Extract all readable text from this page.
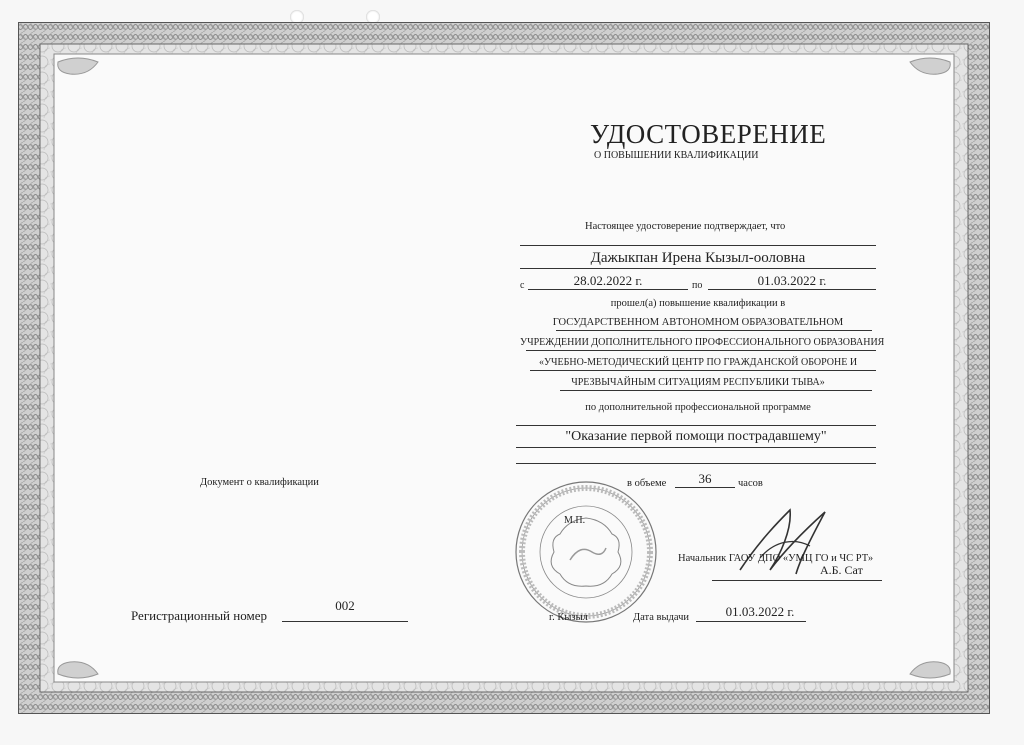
УДОСТОВЕРЕНИЕ
О ПОВЫШЕНИИ КВАЛИФИКАЦИИ
Настоящее удостоверение подтверждает, что
Дажыкпан Ирена Кызыл-ооловна
с	28.02.2022 г.	по	01.03.2022 г.
прошел(а) повышение квалификации в
ГОСУДАРСТВЕННОМ АВТОНОМНОМ ОБРАЗОВАТЕЛЬНОМ
УЧРЕЖДЕНИИ ДОПОЛНИТЕЛЬНОГО ПРОФЕССИОНАЛЬНОГО ОБРАЗОВАНИЯ
«УЧЕБНО-МЕТОДИЧЕСКИЙ ЦЕНТР ПО ГРАЖДАНСКОЙ ОБОРОНЕ И
ЧРЕЗВЫЧАЙНЫМ СИТУАЦИЯМ РЕСПУБЛИКИ ТЫВА»
по дополнительной профессиональной программе
"Оказание первой помощи пострадавшему"
Документ о квалификации	в объеме	36	часов
М.П.
Начальник ГАОУ ДПО «УМЦ ГО и ЧС РТ»
А.Б. Сат
Регистрационный номер
002
г. Кызыл	Дата выдачи	01.03.2022 г.
